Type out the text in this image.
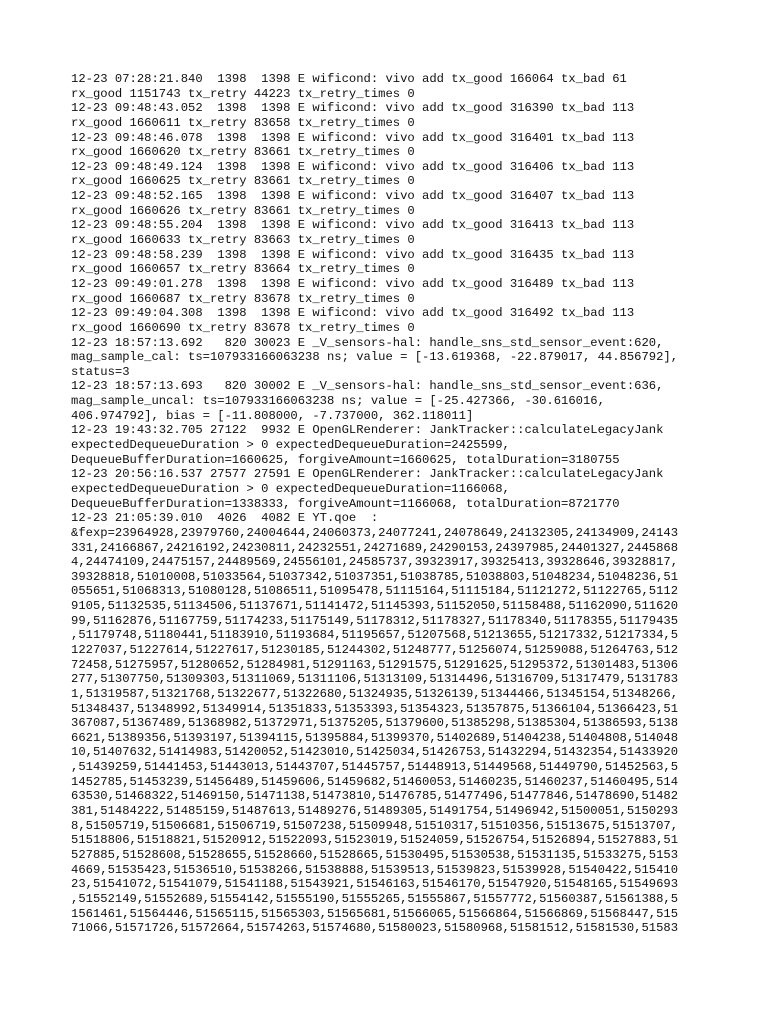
12-23 07:28:21.840  1398  1398 E wificond: vivo add tx_good 166064 tx_bad 61
rx_good 1151743 tx_retry 44223 tx_retry_times 0
12-23 09:48:43.052  1398  1398 E wificond: vivo add tx_good 316390 tx_bad 113
rx_good 1660611 tx_retry 83658 tx_retry_times 0
12-23 09:48:46.078  1398  1398 E wificond: vivo add tx_good 316401 tx_bad 113
rx_good 1660620 tx_retry 83661 tx_retry_times 0
12-23 09:48:49.124  1398  1398 E wificond: vivo add tx_good 316406 tx_bad 113
rx_good 1660625 tx_retry 83661 tx_retry_times 0
12-23 09:48:52.165  1398  1398 E wificond: vivo add tx_good 316407 tx_bad 113
rx_good 1660626 tx_retry 83661 tx_retry_times 0
12-23 09:48:55.204  1398  1398 E wificond: vivo add tx_good 316413 tx_bad 113
rx_good 1660633 tx_retry 83663 tx_retry_times 0
12-23 09:48:58.239  1398  1398 E wificond: vivo add tx_good 316435 tx_bad 113
rx_good 1660657 tx_retry 83664 tx_retry_times 0
12-23 09:49:01.278  1398  1398 E wificond: vivo add tx_good 316489 tx_bad 113
rx_good 1660687 tx_retry 83678 tx_retry_times 0
12-23 09:49:04.308  1398  1398 E wificond: vivo add tx_good 316492 tx_bad 113
rx_good 1660690 tx_retry 83678 tx_retry_times 0
12-23 18:57:13.692   820 30023 E _V_sensors-hal: handle_sns_std_sensor_event:620,
mag_sample_cal: ts=107933166063238 ns; value = [-13.619368, -22.879017, 44.856792],
status=3
12-23 18:57:13.693   820 30002 E _V_sensors-hal: handle_sns_std_sensor_event:636,
mag_sample_uncal: ts=107933166063238 ns; value = [-25.427366, -30.616016,
406.974792], bias = [-11.808000, -7.737000, 362.118011]
12-23 19:43:32.705 27122  9932 E OpenGLRenderer: JankTracker::calculateLegacyJank
expectedDequeueDuration > 0 expectedDequeueDuration=2425599,
DequeueBufferDuration=1660625, forgiveAmount=1660625, totalDuration=3180755
12-23 20:56:16.537 27577 27591 E OpenGLRenderer: JankTracker::calculateLegacyJank
expectedDequeueDuration > 0 expectedDequeueDuration=1166068,
DequeueBufferDuration=1338333, forgiveAmount=1166068, totalDuration=8721770
12-23 21:05:39.010  4026  4082 E YT.qoe  :
&fexp=23964928,23979760,24004644,24060373,24077241,24078649,24132305,24134909,24143
331,24166867,24216192,24230811,24232551,24271689,24290153,24397985,24401327,2445868
4,24474109,24475157,24489569,24556101,24585737,39323917,39325413,39328646,39328817,
39328818,51010008,51033564,51037342,51037351,51038785,51038803,51048234,51048236,51
055651,51068313,51080128,51086511,51095478,51115164,51115184,51121272,51122765,5112
9105,51132535,51134506,51137671,51141472,51145393,51152050,51158488,51162090,511620
99,51162876,51167759,51174233,51175149,51178312,51178327,51178340,51178355,51179435
,51179748,51180441,51183910,51193684,51195657,51207568,51213655,51217332,51217334,5
1227037,51227614,51227617,51230185,51244302,51248777,51256074,51259088,51264763,512
72458,51275957,51280652,51284981,51291163,51291575,51291625,51295372,51301483,51306
277,51307750,51309303,51311069,51311106,51313109,51314496,51316709,51317479,5131783
1,51319587,51321768,51322677,51322680,51324935,51326139,51344466,51345154,51348266,
51348437,51348992,51349914,51351833,51353393,51354323,51357875,51366104,51366423,51
367087,51367489,51368982,51372971,51375205,51379600,51385298,51385304,51386593,5138
6621,51389356,51393197,51394115,51395884,51399370,51402689,51404238,51404808,514048
10,51407632,51414983,51420052,51423010,51425034,51426753,51432294,51432354,51433920
,51439259,51441453,51443013,51443707,51445757,51448913,51449568,51449790,51452563,5
1452785,51453239,51456489,51459606,51459682,51460053,51460235,51460237,51460495,514
63530,51468322,51469150,51471138,51473810,51476785,51477496,51477846,51478690,51482
381,51484222,51485159,51487613,51489276,51489305,51491754,51496942,51500051,5150293
8,51505719,51506681,51506719,51507238,51509948,51510317,51510356,51513675,51513707,
51518806,51518821,51520912,51522093,51523019,51524059,51526754,51526894,51527883,51
527885,51528608,51528655,51528660,51528665,51530495,51530538,51531135,51533275,5153
4669,51535423,51536510,51538266,51538888,51539513,51539823,51539928,51540422,515410
23,51541072,51541079,51541188,51543921,51546163,51546170,51547920,51548165,51549693
,51552149,51552689,51554142,51555190,51555265,51555867,51557772,51560387,51561388,5
1561461,51564446,51565115,51565303,51565681,51566065,51566864,51566869,51568447,515
71066,51571726,51572664,51574263,51574680,51580023,51580968,51581512,51581530,51583
